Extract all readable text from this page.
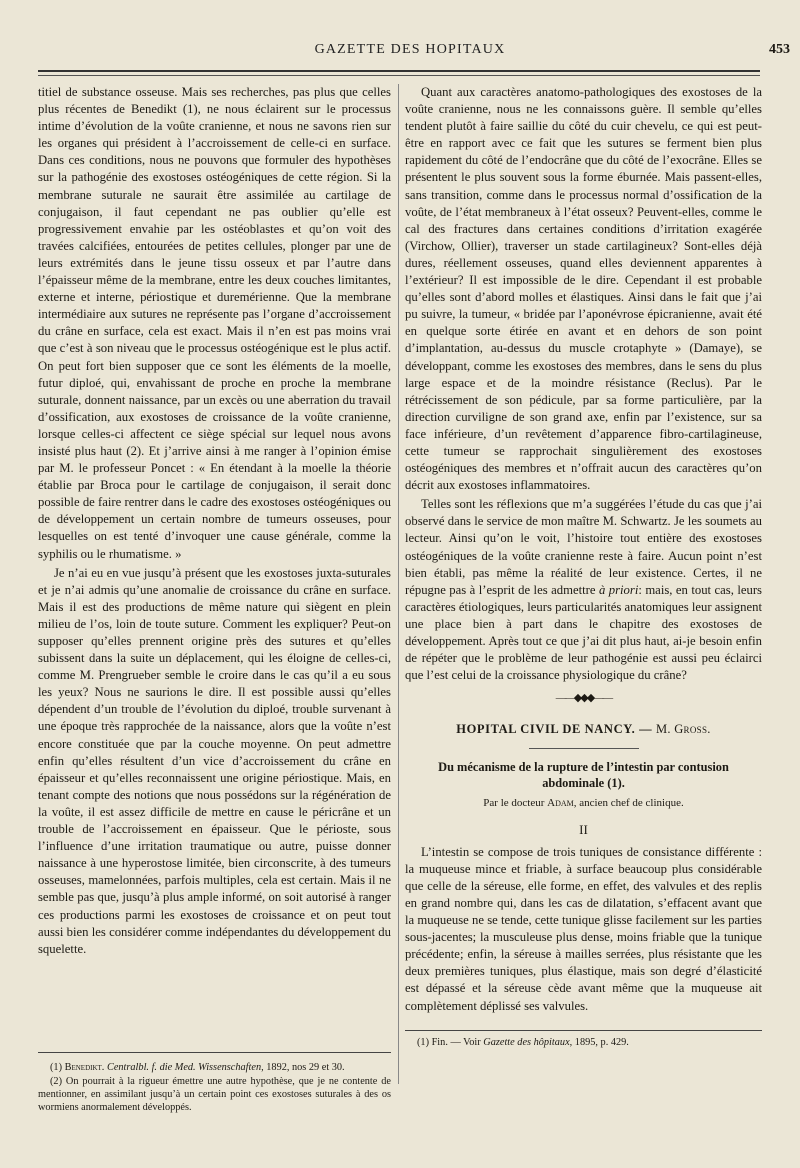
GAZETTE DES HOPITAUX	453

titiel de substance osseuse. Mais ses recherches, pas plus que celles plus récentes de Benedikt (1), ne nous éclairent sur le processus intime d’évolution de la voûte cranienne, et nous ne savons rien sur les organes qui président à l’accroissement de celle-ci en surface. Dans ces conditions, nous ne pouvons que formuler des hypothèses sur la pathogénie des exostoses ostéogéniques de cette région. Si la membrane suturale ne saurait être assimilée au cartilage de conjugaison, il faut cependant ne pas oublier qu’elle est progressivement envahie par les ostéoblastes et qu’on voit des travées calcifiées, entourées de petites cellules, plonger par une de leurs extrémités dans le jeune tissu osseux et par l’autre dans l’épaisseur même de la membrane, entre les deux couches limitantes, externe et interne, périostique et duremérienne. Que la membrane intermédiaire aux sutures ne représente pas l’organe d’accroissement du crâne en surface, cela est exact. Mais il n’en est pas moins vrai que c’est à son niveau que le processus ostéogénique est le plus actif. On peut fort bien supposer que ce sont les éléments de la moelle, futur diploé, qui, envahissant de proche en proche la membrane suturale, donnent naissance, par un excès ou une aberration du travail d’ossification, aux exostoses de croissance de la voûte cranienne, lorsque celles-ci affectent ce siège spécial sur lequel nous avons insisté plus haut (2). Et j’arrive ainsi à me ranger à l’opinion émise par M. le professeur Poncet : « En étendant à la moelle la théorie établie par Broca pour le cartilage de conjugaison, il serait donc possible de faire rentrer dans le cadre des exostoses ostéogéniques ou de développement un certain nombre de tumeurs osseuses, pour lesquelles on est tenté d’invoquer une cause générale, comme la syphilis ou le rhumatisme. »

Je n’ai eu en vue jusqu’à présent que les exostoses juxta-suturales et je n’ai admis qu’une anomalie de croissance du crâne en surface. Mais il est des productions de même nature qui siègent en plein milieu de l’os, loin de toute suture. Comment les expliquer? Peut-on supposer qu’elles prennent origine près des sutures et qu’elles subissent dans la suite un déplacement, qui les éloigne de celles-ci, comme M. Prengrueber semble le croire dans le cas qu’il a eu sous les yeux? Nous ne saurions le dire. Il est possible aussi qu’elles dépendent d’un trouble de l’évolution du diploé, trouble survenant à une époque très rapprochée de la naissance, alors que la voûte n’est encore constituée que par la couche moyenne. On peut admettre enfin qu’elles résultent d’un vice d’accroissement du crâne en épaisseur et qu’elles reconnaissent une origine périostique. Mais, en tenant compte des notions que nous possédons sur la régénération de la voûte, il est assez difficile de mettre en cause le péricrâne et un trouble de l’accroissement en épaisseur. Que le périoste, sous l’influence d’une irritation traumatique ou autre, puisse donner naissance à une hyperostose limitée, bien circonscrite, à des tumeurs osseuses, mamelonnées, parfois multiples, cela est certain. Mais il ne semble pas que, jusqu’à plus ample informé, on soit autorisé à ranger ces productions parmi les exostoses de croissance et on peut tout aussi bien les considérer comme indépendantes du développement du squelette.

(1) Benedikt. Centralbl. f. die Med. Wissenschaften, 1892, nos 29 et 30.

(2) On pourrait à la rigueur émettre une autre hypothèse, que je ne contente de mentionner, en assimilant jusqu’à un certain point ces exostoses suturales à des os wormiens anormalement développés.

Quant aux caractères anatomo-pathologiques des exostoses de la voûte cranienne, nous ne les connaissons guère. Il semble qu’elles tendent plutôt à faire saillie du côté du cuir chevelu, ce qui est peut-être en rapport avec ce fait que les sutures se ferment bien plus rapidement du côté de l’endocrâne que du côté de l’exocrâne. Elles se présentent le plus souvent sous la forme éburnée. Mais passent-elles, sans transition, comme dans le processus normal d’ossification de la voûte, de l’état membraneux à l’état osseux? Peuvent-elles, comme le cal des fractures dans certaines conditions d’irritation exagérée (Virchow, Ollier), traverser un stade cartilagineux? Sont-elles déjà dures, réellement osseuses, quand elles deviennent apparentes à l’extérieur? Il est impossible de le dire. Cependant il est probable qu’elles sont d’abord molles et élastiques. Ainsi dans le fait que j’ai pu suivre, la tumeur, « bridée par l’aponévrose épicranienne, avait été en quelque sorte étirée en avant et en dehors de son point d’implantation, au-dessus du muscle crotaphyte » (Damaye), se développant, comme les exostoses des membres, dans le sens du plus large espace et de la moindre résistance (Reclus). Par le rétrécissement de son pédicule, par sa forme particulière, par la direction curviligne de son grand axe, enfin par l’existence, sur sa face inférieure, d’un revêtement d’apparence fibro-cartilagineuse, cette tumeur se rapprochait singulièrement des exostoses ostéogéniques des membres et n’offrait aucun des caractères qu’on décrit aux exostoses inflammatoires.

Telles sont les réflexions que m’a suggérées l’étude du cas que j’ai observé dans le service de mon maître M. Schwartz. Je les soumets au lecteur. Ainsi qu’on le voit, l’histoire tout entière des exostoses ostéogéniques de la voûte cranienne reste à faire. Aucun point n’est bien établi, pas même la réalité de leur existence. Certes, il ne répugne pas à l’esprit de les admettre à priori: mais, en tout cas, leurs caractères étiologiques, leurs particularités anatomiques leur assignent une place bien à part dans le chapitre des exostoses de développement. Après tout ce que j’ai dit plus haut, ai-je besoin enfin de répéter que le problème de leur pathogénie est aussi peu éclairci que l’est celui de la croissance physiologique du crâne?

——◆◆◆——
HOPITAL CIVIL DE NANCY. — M. Gross.
Du mécanisme de la rupture de l’intestin par contusion abdominale (1).
Par le docteur Adam, ancien chef de clinique.
II

L’intestin se compose de trois tuniques de consistance différente : la muqueuse mince et friable, à surface beaucoup plus considérable que celle de la séreuse, elle forme, en effet, des valvules et des replis en grand nombre qui, dans les cas de dilatation, s’effacent avant que la muqueuse ne se tende, cette tunique glisse facilement sur les parties sous-jacentes; la musculeuse plus dense, moins friable que la tunique précédente; enfin, la séreuse à mailles serrées, plus résistante que les deux premières tuniques, plus élastique, mais son degré d’élasticité est dépassé et la séreuse cède avant même que la muqueuse ait complètement déplissé ses valvules.

(1) Fin. — Voir Gazette des hôpitaux, 1895, p. 429.
